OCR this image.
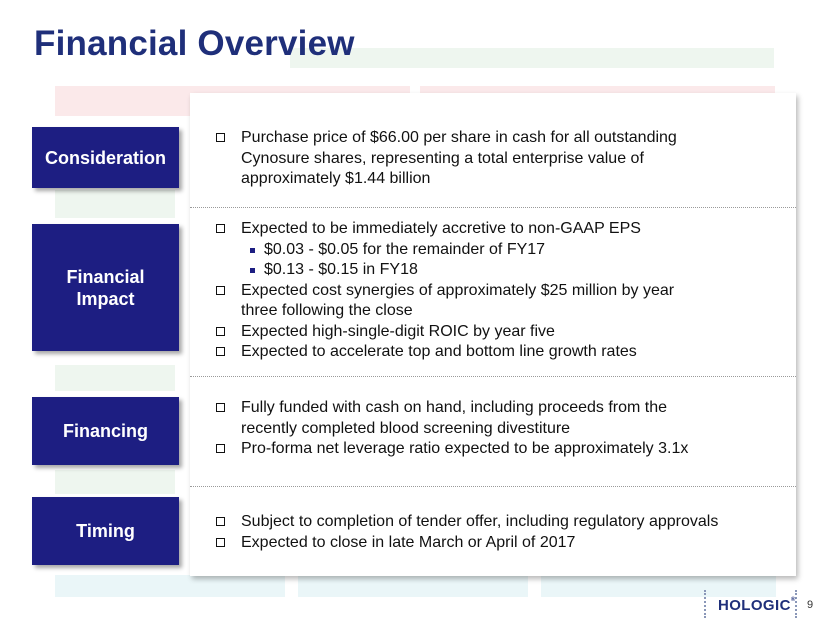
Financial Overview
Consideration
Purchase price of $66.00 per share in cash for all outstanding
Cynosure shares, representing a total enterprise value of
approximately $1.44 billion
Financial
Impact
Expected to be immediately accretive to non-GAAP EPS
$0.03 - $0.05 for the remainder of FY17
$0.13 - $0.15 in FY18
Expected cost synergies of approximately $25 million by year
three following the close
Expected high-single-digit ROIC by year five
Expected to accelerate top and bottom line growth rates
Financing
Fully funded with cash on hand, including proceeds from the
recently completed blood screening divestiture
Pro-forma net leverage ratio expected to be approximately 3.1x
Timing	Subject to completion of tender offer, including regulatory approvals
Expected to close in late March or April of 2017
HOLOGIC® 9
